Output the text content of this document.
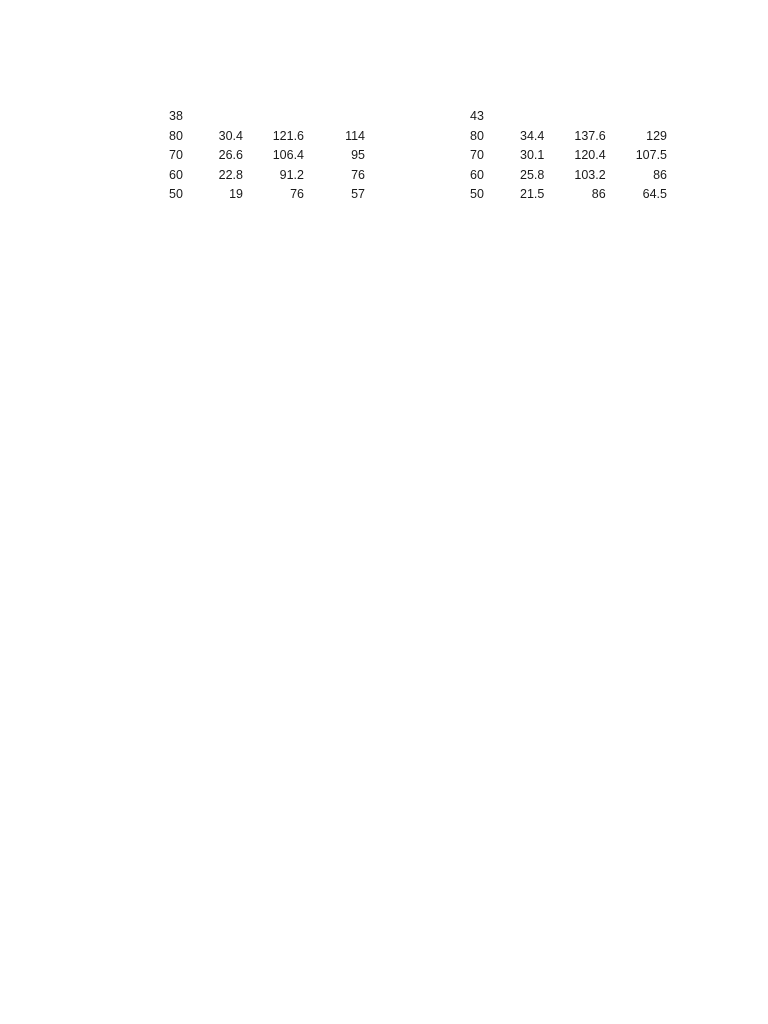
38			
80	30.4	121.6	114
70	26.6	106.4	95
60	22.8	91.2	76
50	19	76	57
43			
80	34.4	137.6	129
70	30.1	120.4	107.5
60	25.8	103.2	86
50	21.5	86	64.5
